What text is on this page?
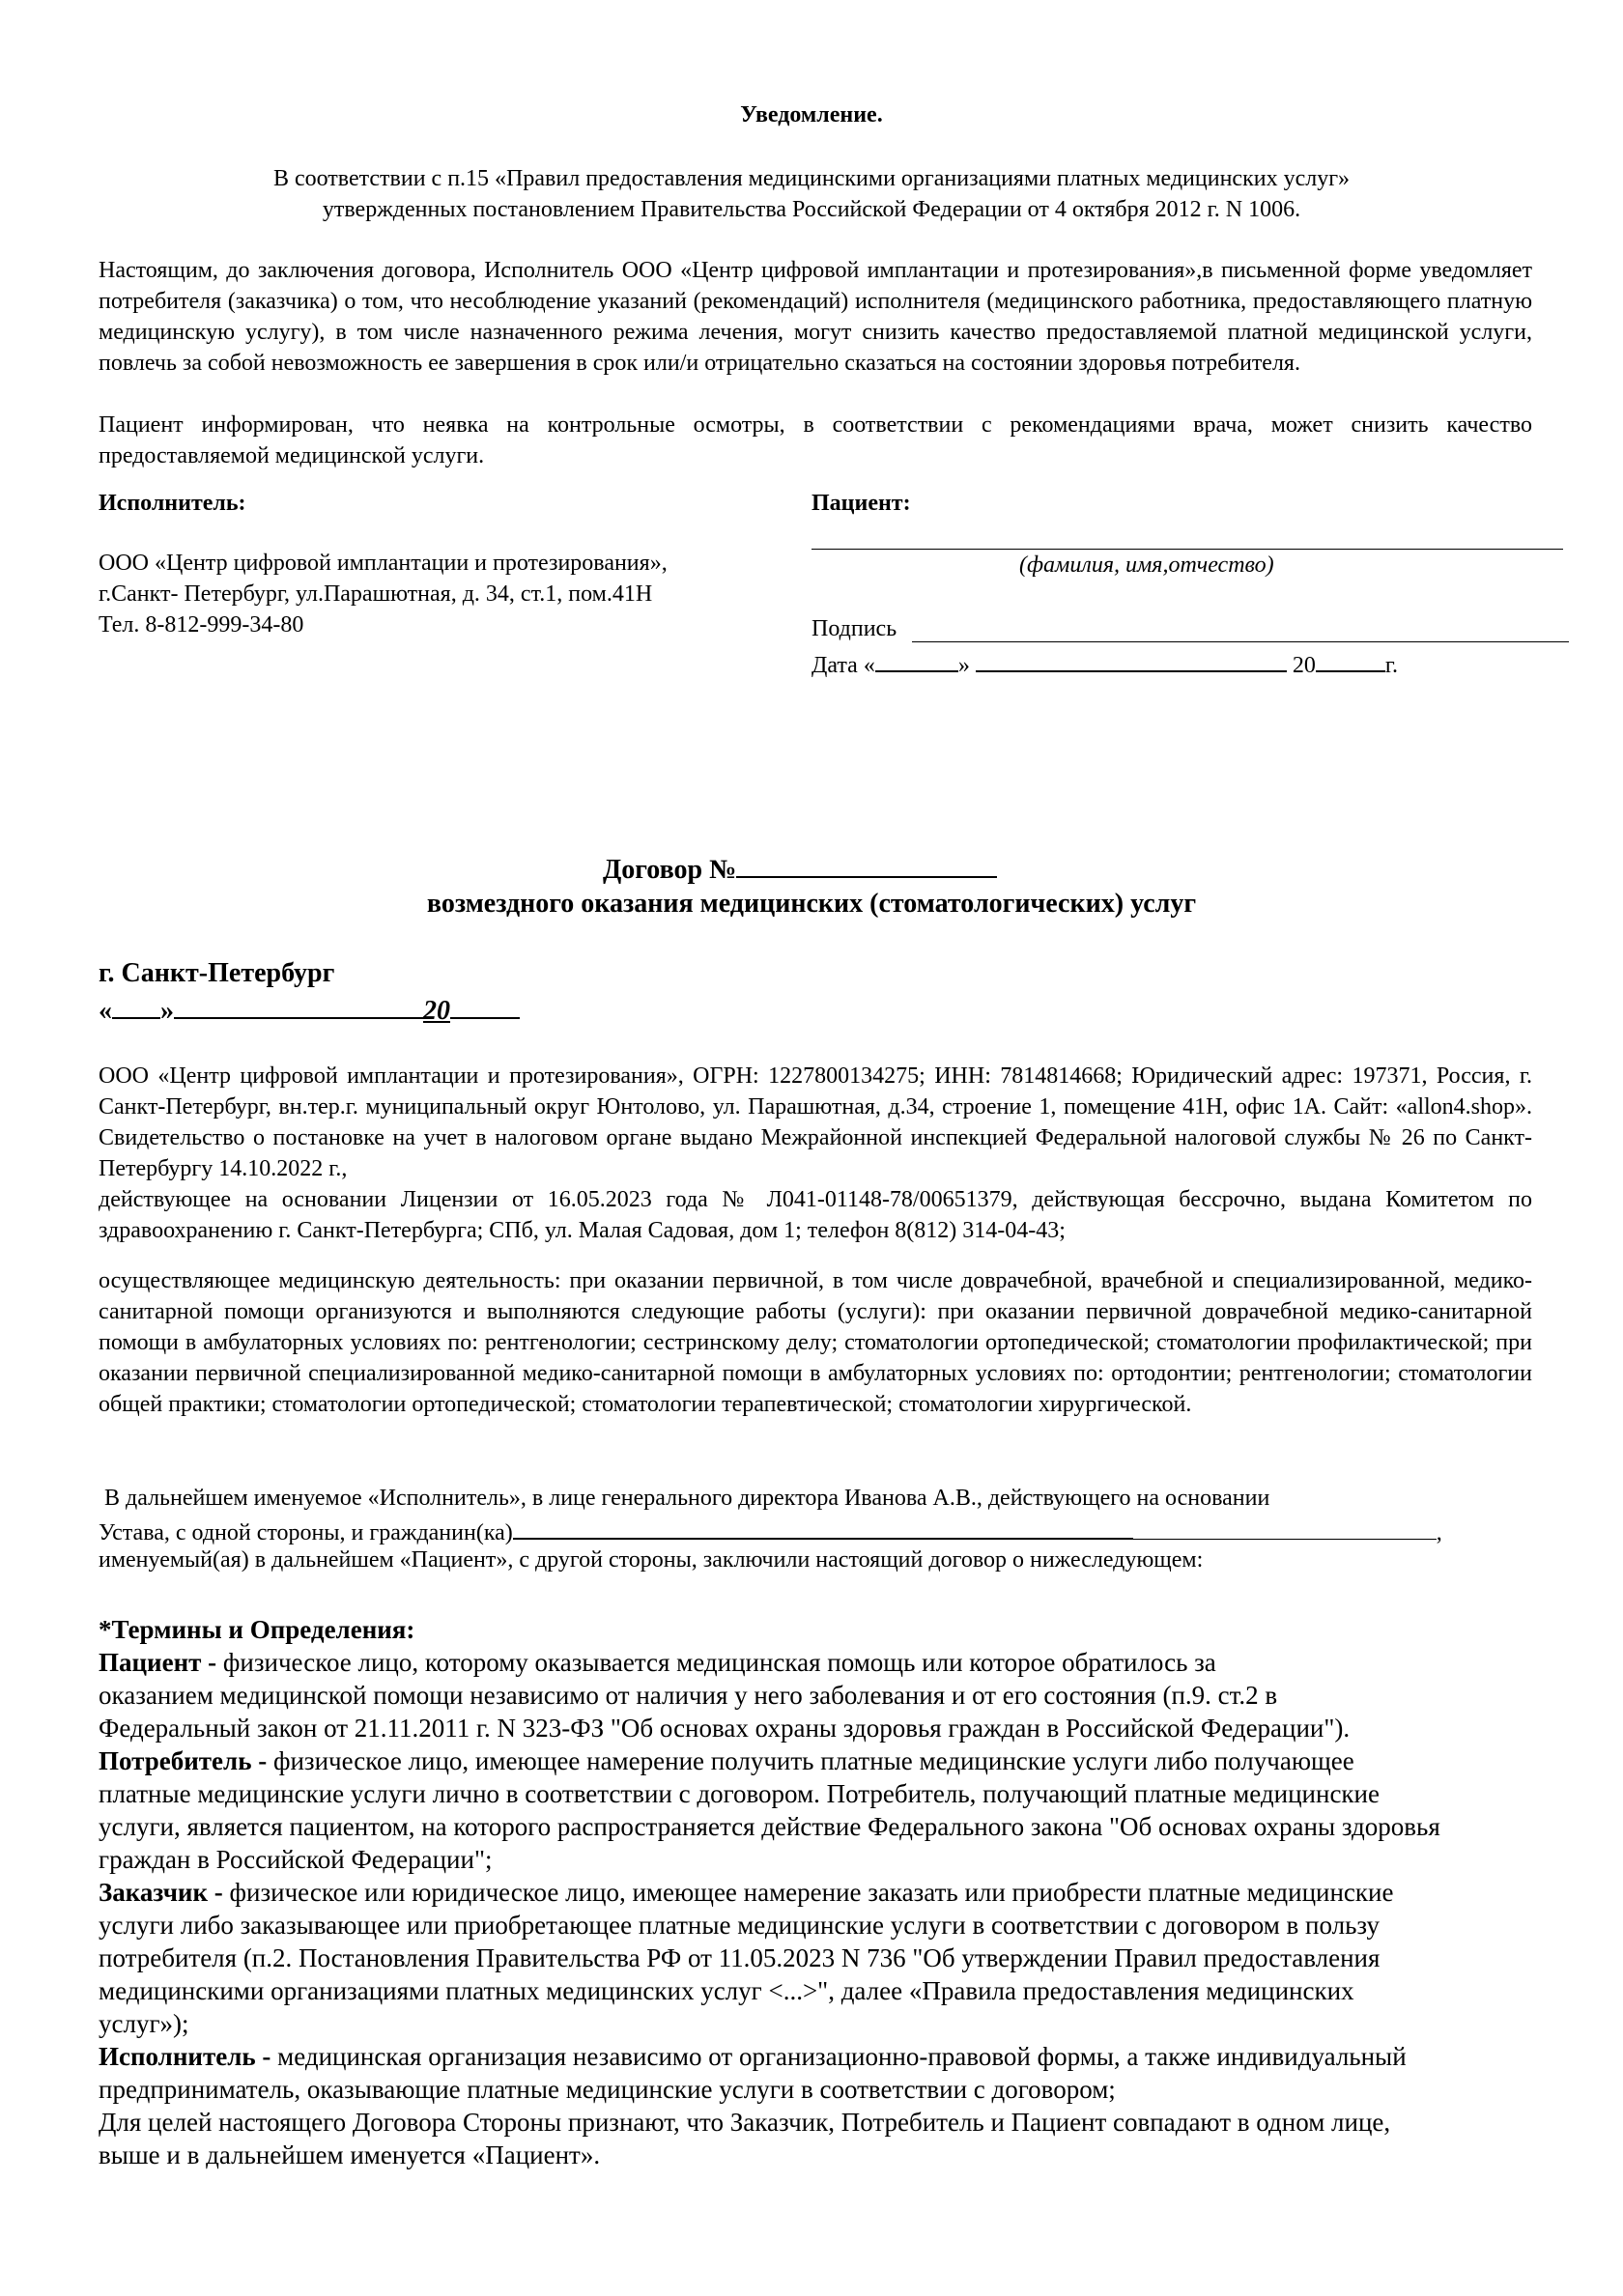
Уведомление.
В соответствии с п.15 «Правил предоставления медицинскими организациями платных медицинских услуг»
утвержденных постановлением Правительства Российской Федерации от 4 октября 2012 г. N 1006.
Настоящим, до заключения договора, Исполнитель ООО «Центр цифровой имплантации и протезирования»,в письменной форме уведомляет потребителя (заказчика) о том, что несоблюдение указаний (рекомендаций) исполнителя (медицинского работника, предоставляющего платную медицинскую услугу), в том числе назначенного режима лечения, могут снизить качество предоставляемой платной медицинской услуги, повлечь за собой невозможность ее завершения в срок или/и отрицательно сказаться на состоянии здоровья потребителя.
Пациент информирован, что неявка на контрольные осмотры, в соответствии с рекомендациями врача, может снизить качество предоставляемой медицинской услуги.
Исполнитель:	Пациент:
ООО «Центр цифровой имплантации и протезирования»,
г.Санкт- Петербург, ул.Парашютная, д. 34, ст.1, пом.41Н
Тел. 8-812-999-34-80
(фамилия, имя,отчество)
Подпись
Дата «	»	20	г.
Договор №
возмездного оказания медицинских (стоматологических) услуг
г. Санкт-Петербург
« »	20
ООО «Центр цифровой имплантации и протезирования», ОГРН: 1227800134275; ИНН: 7814814668; Юридический адрес: 197371, Россия, г. Санкт-Петербург, вн.тер.г. муниципальный округ Юнтолово, ул. Парашютная, д.34, строение 1, помещение 41Н, офис 1А. Сайт: «allon4.shop». Свидетельство о постановке на учет в налоговом органе выдано Межрайонной инспекцией Федеральной налоговой службы № 26 по Санкт-Петербургу 14.10.2022 г.,
действующее на основании Лицензии от 16.05.2023 года № Л041-01148-78/00651379, действующая бессрочно, выдана Комитетом по здравоохранению г. Санкт-Петербурга; СПб, ул. Малая Садовая, дом 1; телефон 8(812) 314-04-43;
осуществляющее медицинскую деятельность: при оказании первичной, в том числе доврачебной, врачебной и специализированной, медико-санитарной помощи организуются и выполняются следующие работы (услуги): при оказании первичной доврачебной медико-санитарной помощи в амбулаторных условиях по: рентгенологии; сестринскому делу; стоматологии ортопедической; стоматологии профилактической; при оказании первичной специализированной медико-санитарной помощи в амбулаторных условиях по: ортодонтии; рентгенологии; стоматологии общей практики; стоматологии ортопедической; стоматологии терапевтической; стоматологии хирургической.
В дальнейшем именуемое «Исполнитель», в лице генерального директора Иванова А.В., действующего на основании
Устава, с одной стороны, и гражданин(ка)	,
именуемый(ая) в дальнейшем «Пациент», с другой стороны, заключили настоящий договор о нижеследующем:
*Термины и Определения:
Пациент - физическое лицо, которому оказывается медицинская помощь или которое обратилось за
оказанием медицинской помощи независимо от наличия у него заболевания и от его состояния (п.9. ст.2 в
Федеральный закон от 21.11.2011 г. N 323-ФЗ "Об основах охраны здоровья граждан в Российской Федерации").
Потребитель - физическое лицо, имеющее намерение получить платные медицинские услуги либо получающее
платные медицинские услуги лично в соответствии с договором. Потребитель, получающий платные медицинские
услуги, является пациентом, на которого распространяется действие Федерального закона "Об основах охраны здоровья
граждан в Российской Федерации";
Заказчик - физическое или юридическое лицо, имеющее намерение заказать или приобрести платные медицинские
услуги либо заказывающее или приобретающее платные медицинские услуги в соответствии с договором в пользу
потребителя (п.2. Постановления Правительства РФ от 11.05.2023 N 736 "Об утверждении Правил предоставления
медицинскими организациями платных медицинских услуг <...>", далее «Правила предоставления медицинских
услуг»);
Исполнитель - медицинская организация независимо от организационно-правовой формы, а также индивидуальный
предприниматель, оказывающие платные медицинские услуги в соответствии с договором;
Для целей настоящего Договора Стороны признают, что Заказчик, Потребитель и Пациент совпадают в одном лице,
выше и в дальнейшем именуется «Пациент».
